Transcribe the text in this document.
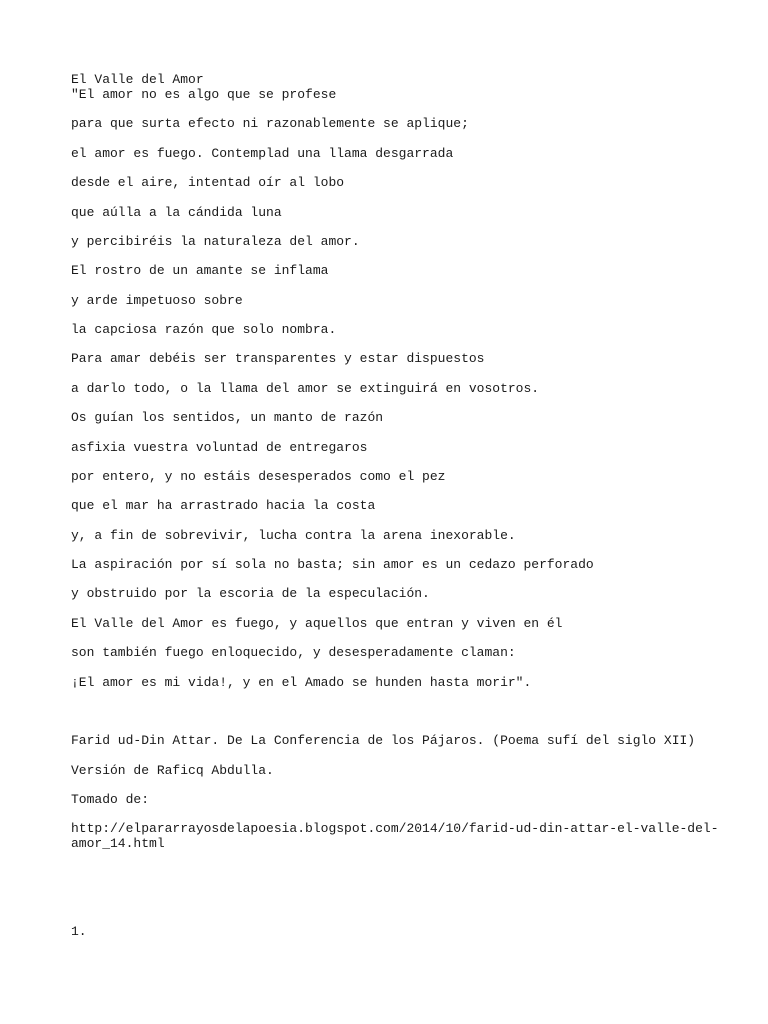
El Valle del Amor

"El amor no es algo que se profese

para que surta efecto ni razonablemente se aplique;

el amor es fuego. Contemplad una llama desgarrada

desde el aire, intentad oír al lobo

que aúlla a la cándida luna

y percibiréis la naturaleza del amor.

El rostro de un amante se inflama

y arde impetuoso sobre

la capciosa razón que solo nombra.

Para amar debéis ser transparentes y estar dispuestos

a darlo todo, o la llama del amor se extinguirá en vosotros.

Os guían los sentidos, un manto de razón

asfixia vuestra voluntad de entregaros

por entero, y no estáis desesperados como el pez

que el mar ha arrastrado hacia la costa

y, a fin de sobrevivir, lucha contra la arena inexorable.

La aspiración por sí sola no basta; sin amor es un cedazo perforado

y obstruido por la escoria de la especulación.

El Valle del Amor es fuego, y aquellos que entran y viven en él

son también fuego enloquecido, y desesperadamente claman:

¡El amor es mi vida!, y en el Amado se hunden hasta morir".

Farid ud-Din Attar. De La Conferencia de los Pájaros. (Poema sufí del siglo XII)

Versión de Raficq Abdulla.

Tomado de:

http://elpararrayosdelapoesia.blogspot.com/2014/10/farid-ud-din-attar-el-valle-del-

amor_14.html

1.
